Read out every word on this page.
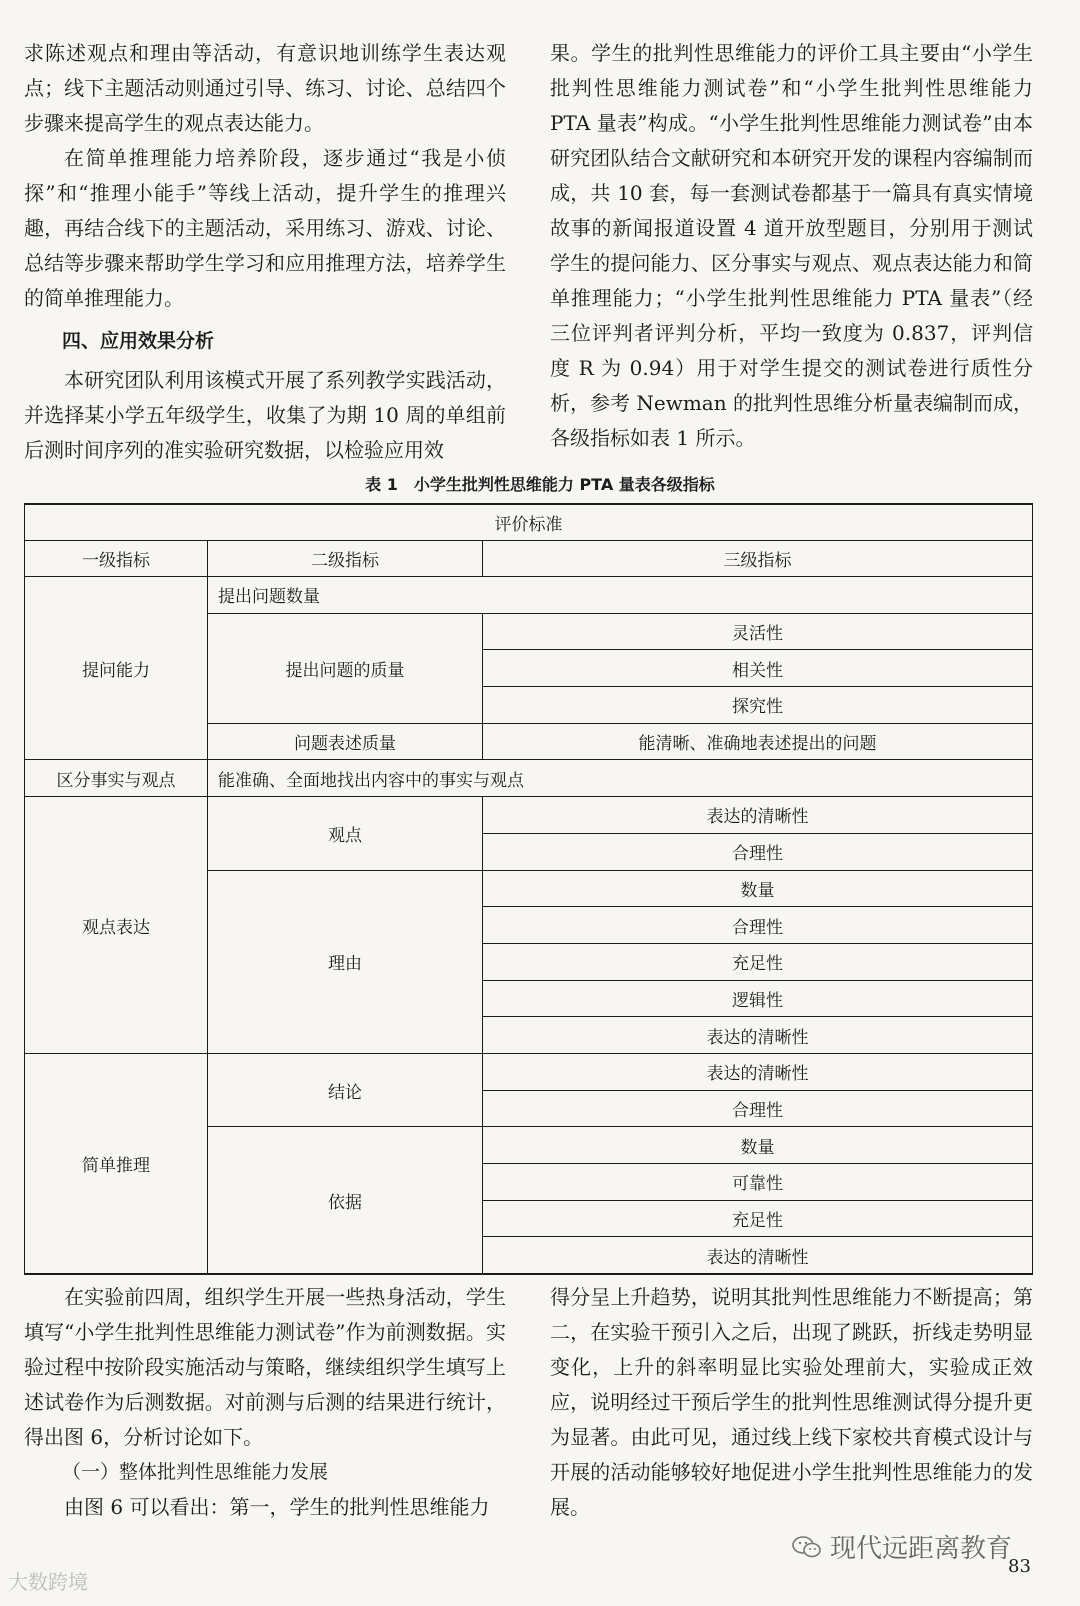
求陈述观点和理由等活动，有意识地训练学生表达观点；线下主题活动则通过引导、练习、讨论、总结四个步骤来提高学生的观点表达能力。

在简单推理能力培养阶段，逐步通过“我是小侦探”和“推理小能手”等线上活动，提升学生的推理兴趣，再结合线下的主题活动，采用练习、游戏、讨论、总结等步骤来帮助学生学习和应用推理方法，培养学生的简单推理能力。

四、应用效果分析

本研究团队利用该模式开展了系列教学实践活动，并选择某小学五年级学生，收集了为期 10 周的单组前后测时间序列的准实验研究数据，以检验应用效

果。学生的批判性思维能力的评价工具主要由“小学生批判性思维能力测试卷”和“小学生批判性思维能力 PTA 量表”构成。“小学生批判性思维能力测试卷”由本研究团队结合文献研究和本研究开发的课程内容编制而成，共 10 套，每一套测试卷都基于一篇具有真实情境故事的新闻报道设置 4 道开放型题目，分别用于测试学生的提问能力、区分事实与观点、观点表达能力和简单推理能力；“小学生批判性思维能力 PTA 量表”（经三位评判者评判分析，平均一致度为 0.837，评判信度 R 为 0.94）用于对学生提交的测试卷进行质性分析，参考 Newman 的批判性思维分析量表编制而成，各级指标如表 1 所示。

表 1　小学生批判性思维能力 PTA 量表各级指标
评价标准		
一级指标	二级指标	三级指标
提问能力	提出问题数量	
	提出问题的质量	灵活性
		相关性
		探究性
	问题表述质量	能清晰、准确地表述提出的问题
区分事实与观点	能准确、全面地找出内容中的事实与观点	
观点表达	观点	表达的清晰性
		合理性
	理由	数量
		合理性
		充足性
		逻辑性
		表达的清晰性
简单推理	结论	表达的清晰性
		合理性
	依据	数量
		可靠性
		充足性
		表达的清晰性

在实验前四周，组织学生开展一些热身活动，学生填写“小学生批判性思维能力测试卷”作为前测数据。实验过程中按阶段实施活动与策略，继续组织学生填写上述试卷作为后测数据。对前测与后测的结果进行统计，得出图 6，分析讨论如下。

（一）整体批判性思维能力发展

由图 6 可以看出：第一，学生的批判性思维能力

得分呈上升趋势，说明其批判性思维能力不断提高；第二，在实验干预引入之后，出现了跳跃，折线走势明显变化，上升的斜率明显比实验处理前大，实验成正效应，说明经过干预后学生的批判性思维测试得分提升更为显著。由此可见，通过线上线下家校共育模式设计与开展的活动能够较好地促进小学生批判性思维能力的发展。

大数跨境
现代远距离教育
83
